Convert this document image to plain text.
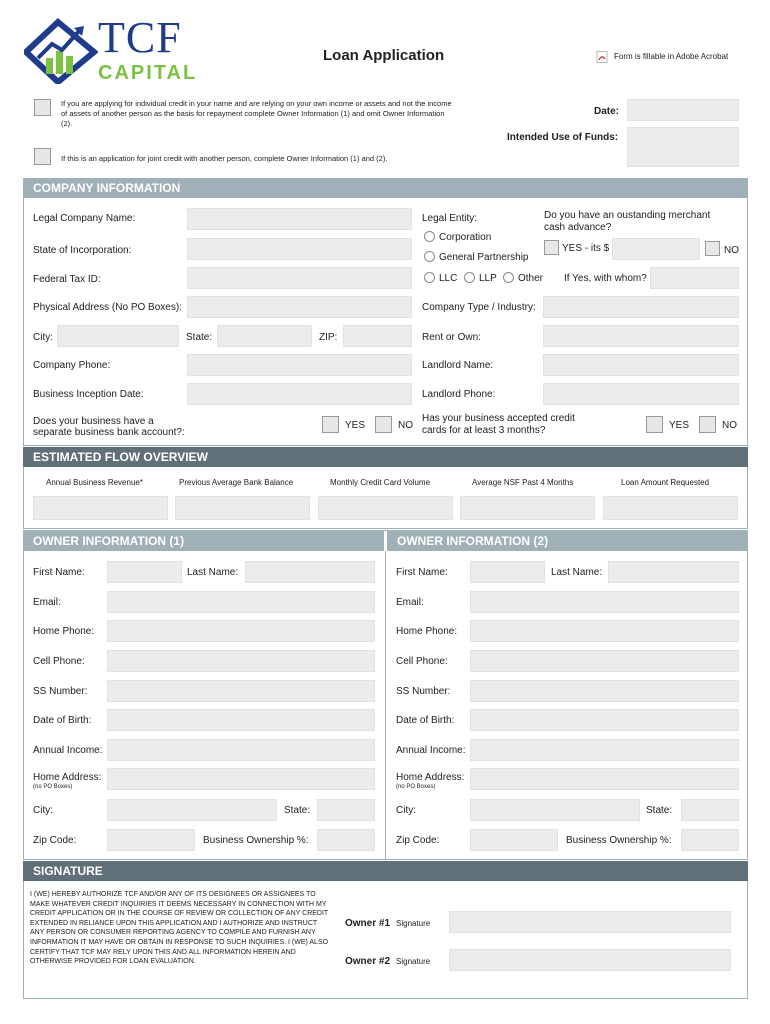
TCF
CAPITAL
Loan Application	Form is fillable in Adobe Acrobat
If you are applying for individual credit in your name and are relying on your own income or assets and not the income of assets of another person as the basis for repayment complete Owner Information (1) and omit Owner Information (2).
If this is an application for joint credit with another person, complete Owner Information (1) and (2).
Date:
Intended Use of Funds:
COMPANY INFORMATION
Legal Company Name:
State of Incorporation:
Federal Tax ID:
Physical Address (No PO Boxes):
City:	State:	ZIP:
Company Phone:
Business Inception Date:
Does your business have a
separate business bank account?:
YES	NO
Legal Entity:
Corporation
General Partnership
LLC LLP Other
Do you have an oustanding merchant
cash advance?
YES - its $	NO
If Yes, with whom?
Company Type / Industry:
Rent or Own:
Landlord Name:
Landlord Phone:
Has your business accepted credit
cards for at least 3 months?	YES	NO
ESTIMATED FLOW OVERVIEW
Annual Business Revenue*	Previous Average Bank Balance	Monthly Credit Card Volume	Average NSF Past 4 Months	Loan Amount Requested
OWNER INFORMATION (1)	OWNER INFORMATION (2)
First Name:	Last Name:
Email:
Home Phone:
Cell Phone:
SS Number:
Date of Birth:
Annual Income:
Home Address:
(no PO Boxes)
City:	State:
Zip Code:	Business Ownership %:
First Name:	Last Name:
Email:
Home Phone:
Cell Phone:
SS Number:
Date of Birth:
Annual Income:
Home Address:
(no PO Boxes)
City:	State:
Zip Code:	Business Ownership %:
SIGNATURE
I (WE) HEREBY AUTHORIZE TCF AND/OR ANY OF ITS DESIGNEES OR ASSIGNEES TO MAKE WHATEVER CREDIT INQUIRIES IT DEEMS NECESSARY IN CONNECTION WITH MY CREDIT APPLICATION OR IN THE COURSE OF REVIEW OR COLLECTION OF ANY CREDIT EXTENDED IN RELIANCE UPON THIS APPLICATION AND I AUTHORIZE AND INSTRUCT ANY PERSON OR CONSUMER REPORTING AGENCY TO COMPILE AND FURNISH ANY INFORMATION IT MAY HAVE OR OBTAIN IN RESPONSE TO SUCH INQUIRIES. I (WE) ALSO CERTIFY THAT TCF MAY RELY UPON THIS AND ALL INFORMATION HEREIN AND OTHERWISE PROVIDED FOR LOAN EVALUATION.
Owner #1 Signature
Owner #2 Signature
